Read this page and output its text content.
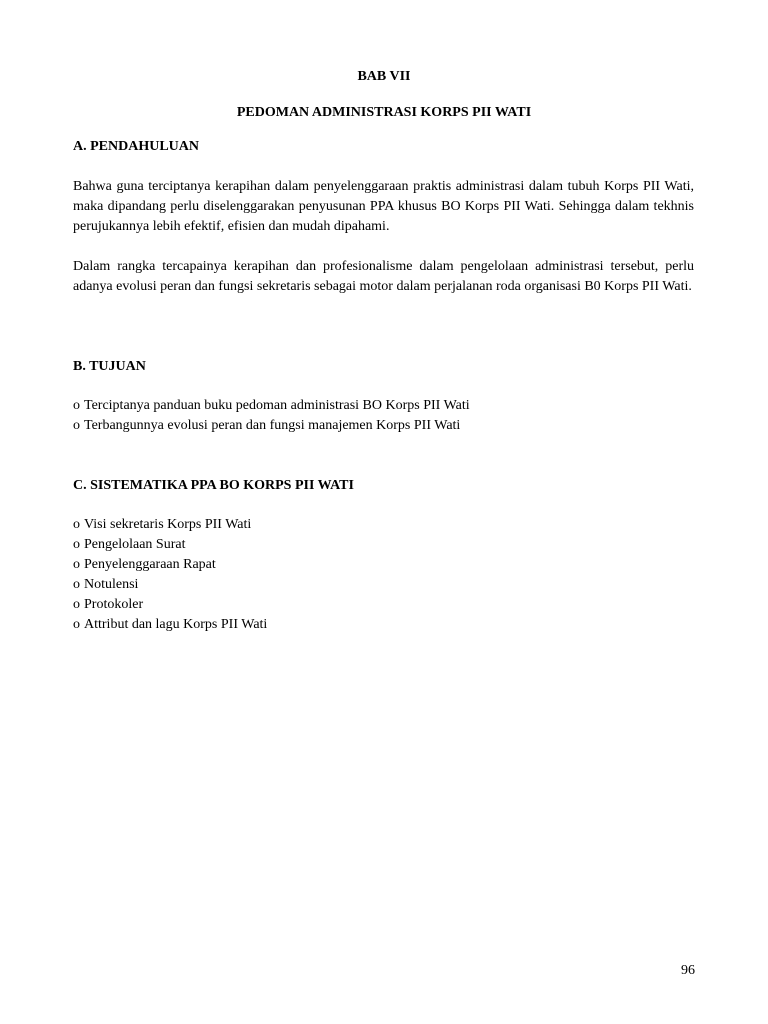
BAB VII
PEDOMAN ADMINISTRASI KORPS PII WATI
A. PENDAHULUAN

Bahwa guna terciptanya kerapihan dalam penyelenggaraan praktis administrasi dalam tubuh Korps PII Wati, maka dipandang perlu diselenggarakan penyusunan PPA khusus BO Korps PII Wati. Sehingga dalam tekhnis perujukannya lebih efektif, efisien dan mudah dipahami.

Dalam rangka tercapainya kerapihan dan profesionalisme dalam pengelolaan administrasi tersebut, perlu adanya evolusi peran dan fungsi sekretaris sebagai motor dalam perjalanan roda organisasi B0 Korps PII Wati.

B. TUJUAN
o Terciptanya panduan buku pedoman administrasi BO Korps PII Wati
o Terbangunnya evolusi peran dan fungsi manajemen Korps PII Wati
C. SISTEMATIKA PPA BO KORPS PII WATI
o Visi sekretaris Korps PII Wati
o Pengelolaan Surat
o Penyelenggaraan Rapat
o Notulensi
o Protokoler
o Attribut dan lagu Korps PII Wati
96
